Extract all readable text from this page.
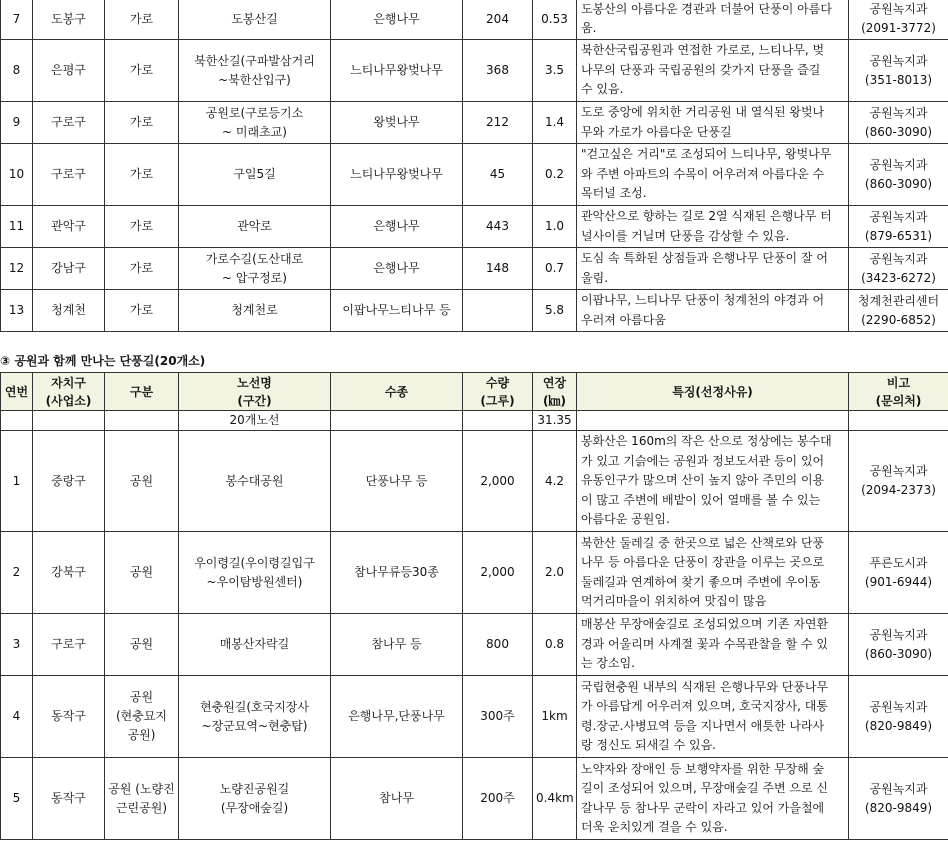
7	도봉구	가로	도봉산길	은행나무	204	0.53	도봉산의 아름다운 경관과 더불어 단풍이 아름다
움.	공원녹지과
(2091-3772)
8	은평구	가로	북한산길(구파발삼거리
~북한산입구)	느티나무왕벚나무	368	3.5	북한산국립공원과 연접한 가로로, 느티나무, 벚
나무의 단풍과 국립공원의 갖가지 단풍을 즐길
수 있음.	공원녹지과
(351-8013)
9	구로구	가로	공원로(구로등기소
~ 미래초교)	왕벚나무	212	1.4	도로 중앙에 위치한 거리공원 내 열식된 왕벚나
무와 가로가 아름다운 단풍길	공원녹지과
(860-3090)
10	구로구	가로	구일5길	느티나무왕벚나무	45	0.2	"걷고싶은 거리"로 조성되어 느티나무, 왕벚나무
와 주변 아파트의 수목이 어우러져 아름다운 수
목터널 조성.	공원녹지과
(860-3090)
11	관악구	가로	관악로	은행나무	443	1.0	관악산으로 향하는 길로 2열 식재된 은행나무 터
널사이를 거닐며 단풍을 감상할 수 있음.	공원녹지과
(879-6531)
12	강남구	가로	가로수길(도산대로
~ 압구정로)	은행나무	148	0.7	도심 속 특화된 상점들과 은행나무 단풍이 잘 어
울림.	공원녹지과
(3423-6272)
13	청계천	가로	청계천로	이팝나무느티나무 등		5.8	이팝나무, 느티나무 단풍이 청계천의 야경과 어
우러져 아름다움	청계천관리센터
(2290-6852)
③ 공원과 함께 만나는 단풍길(20개소)
연번	자치구
(사업소)	구분	노선명
(구간)	수종	수량
(그루)	연장
(㎞)	특징(선정사유)	비고
(문의처)
			20개노선			31.35		
1	중랑구	공원	봉수대공원	단풍나무 등	2,000	4.2	봉화산은 160m의 작은 산으로 정상에는 봉수대
가 있고 기슭에는 공원과 정보도서관 등이 있어
유동인구가 많으며 산이 높지 않아 주민의 이용
이 많고 주변에 배밭이 있어 열매를 볼 수 있는
아름다운 공원임.	공원녹지과
(2094-2373)
2	강북구	공원	우이령길(우이령길입구
~우이탐방원센터)	참나무류등30종	2,000	2.0	북한산 둘레길 중 한곳으로 넓은 산책로와 단풍
나무 등 아름다운 단풍이 장관을 이루는 곳으로
둘레길과 연계하여 찾기 좋으며 주변에 우이동
먹거리마을이 위치하여 맛집이 많음	푸른도시과
(901-6944)
3	구로구	공원	매봉산자락길	참나무 등	800	0.8	매봉산 무장애숲길로 조성되었으며 기존 자연환
경과 어울리며 사계절 꽃과 수목관찰을 할 수 있
는 장소임.	공원녹지과
(860-3090)
4	동작구	공원
(현충묘지
공원)	현충원길(호국지장사
~장군묘역~현충탑)	은행나무,단풍나무	300주	1km	국립현충원 내부의 식재된 은행나무와 단풍나무
가 아름답게 어우러져 있으며, 호국지장사, 대통
령.장군.사병묘역 등을 지나면서 애틋한 나라사
랑 정신도 되새길 수 있음.	공원녹지과
(820-9849)
5	동작구	공원 (노량진
근린공원)	노량진공원길
(무장애숲길)	참나무	200주	0.4km	노약자와 장애인 등 보행약자를 위한 무장해 숲
길이 조성되어 있으며, 무장애숲길 주변 으로 신
갈나무 등 참나무 군락이 자라고 있어 가을철에
더욱 운치있게 걸을 수 있음.	공원녹지과
(820-9849)
